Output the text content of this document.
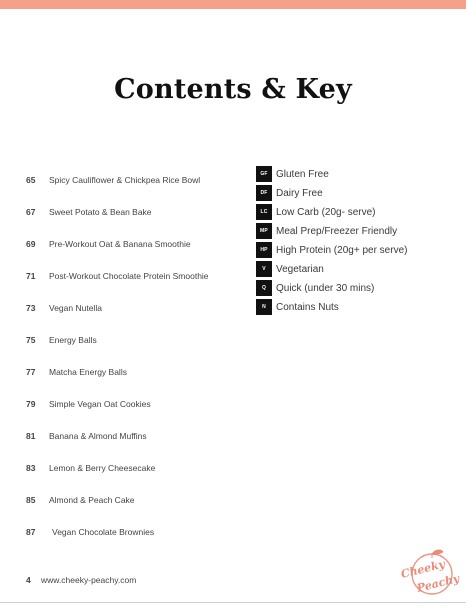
Contents & Key
65	Spicy Cauliflower & Chickpea Rice Bowl
67	Sweet Potato & Bean Bake
69	Pre-Workout Oat & Banana Smoothie
71	Post-Workout Chocolate Protein Smoothie
73	Vegan Nutella
75	Energy Balls
77	Matcha Energy Balls
79	Simple Vegan Oat Cookies
81	Banana & Almond Muffins
83	Lemon & Berry Cheesecake
85	Almond & Peach Cake
87	Vegan Chocolate Brownies
GF Gluten Free
DF Dairy Free
LC Low Carb (20g- serve)
MP Meal Prep/Freezer Friendly
HP High Protein (20g+ per serve)
V	Vegetarian
Q Quick (under 30 mins)
N	Contains Nuts
4 www.cheeky-peachy.com	Cheeky
Peachy
